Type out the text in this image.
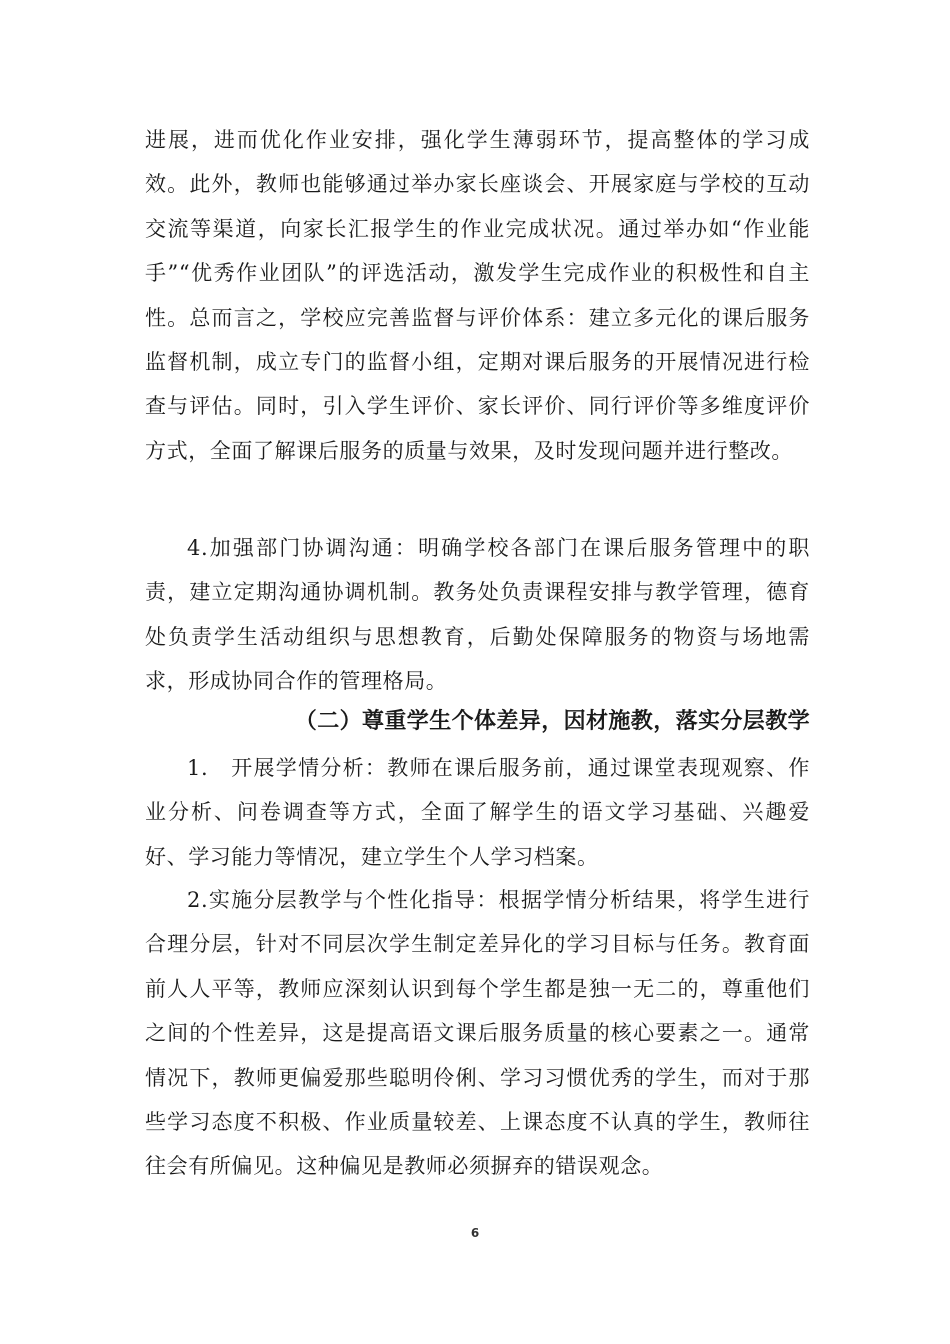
进展，进而优化作业安排，强化学生薄弱环节，提高整体的学习成效。此外，教师也能够通过举办家长座谈会、开展家庭与学校的互动交流等渠道，向家长汇报学生的作业完成状况。通过举办如“作业能手”“优秀作业团队”的评选活动，激发学生完成作业的积极性和自主性。总而言之，学校应完善监督与评价体系：建立多元化的课后服务监督机制，成立专门的监督小组，定期对课后服务的开展情况进行检查与评估。同时，引入学生评价、家长评价、同行评价等多维度评价方式，全面了解课后服务的质量与效果，及时发现问题并进行整改。
4.加强部门协调沟通：明确学校各部门在课后服务管理中的职责，建立定期沟通协调机制。教务处负责课程安排与教学管理，德育处负责学生活动组织与思想教育，后勤处保障服务的物资与场地需求，形成协同合作的管理格局。
（二）尊重学生个体差异，因材施教，落实分层教学
1.　开展学情分析：教师在课后服务前，通过课堂表现观察、作业分析、问卷调查等方式，全面了解学生的语文学习基础、兴趣爱好、学习能力等情况，建立学生个人学习档案。
2.实施分层教学与个性化指导：根据学情分析结果，将学生进行合理分层，针对不同层次学生制定差异化的学习目标与任务。教育面前人人平等，教师应深刻认识到每个学生都是独一无二的，尊重他们之间的个性差异，这是提高语文课后服务质量的核心要素之一。通常情况下，教师更偏爱那些聪明伶俐、学习习惯优秀的学生，而对于那些学习态度不积极、作业质量较差、上课态度不认真的学生，教师往往会有所偏见。这种偏见是教师必须摒弃的错误观念。
6
